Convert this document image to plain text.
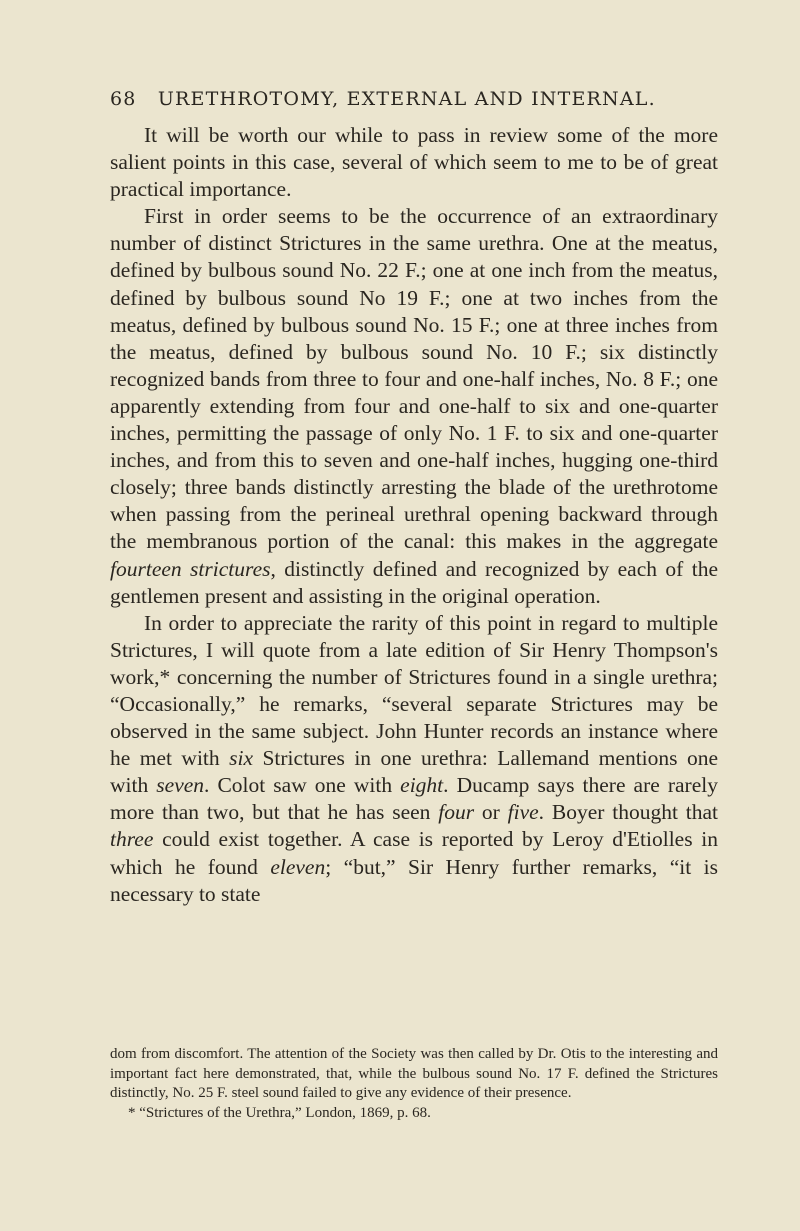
68 URETHROTOMY, EXTERNAL AND INTERNAL.

It will be worth our while to pass in review some of the more salient points in this case, several of which seem to me to be of great practical importance.

First in order seems to be the occurrence of an extraordinary number of distinct Strictures in the same urethra. One at the meatus, defined by bulbous sound No. 22 F.; one at one inch from the meatus, defined by bulbous sound No 19 F.; one at two inches from the meatus, defined by bulbous sound No. 15 F.; one at three inches from the meatus, defined by bulbous sound No. 10 F.; six distinctly recognized bands from three to four and one-half inches, No. 8 F.; one apparently extending from four and one-half to six and one-quarter inches, permitting the passage of only No. 1 F. to six and one-quarter inches, and from this to seven and one-half inches, hugging one-third closely; three bands distinctly arresting the blade of the urethrotome when passing from the perineal urethral opening backward through the membranous portion of the canal: this makes in the aggregate fourteen strictures, distinctly defined and recognized by each of the gentlemen present and assisting in the original operation.

In order to appreciate the rarity of this point in regard to multiple Strictures, I will quote from a late edition of Sir Henry Thompson's work,* concerning the number of Strictures found in a single urethra; “Occasionally,” he remarks, “several separate Strictures may be observed in the same subject. John Hunter records an instance where he met with six Strictures in one urethra: Lallemand mentions one with seven. Colot saw one with eight. Ducamp says there are rarely more than two, but that he has seen four or five. Boyer thought that three could exist together. A case is reported by Leroy d'Etiolles in which he found eleven; “but,” Sir Henry further remarks, “it is necessary to state

dom from discomfort. The attention of the Society was then called by Dr. Otis to the interesting and important fact here demonstrated, that, while the bulbous sound No. 17 F. defined the Strictures distinctly, No. 25 F. steel sound failed to give any evidence of their presence.

* “Strictures of the Urethra,” London, 1869, p. 68.
